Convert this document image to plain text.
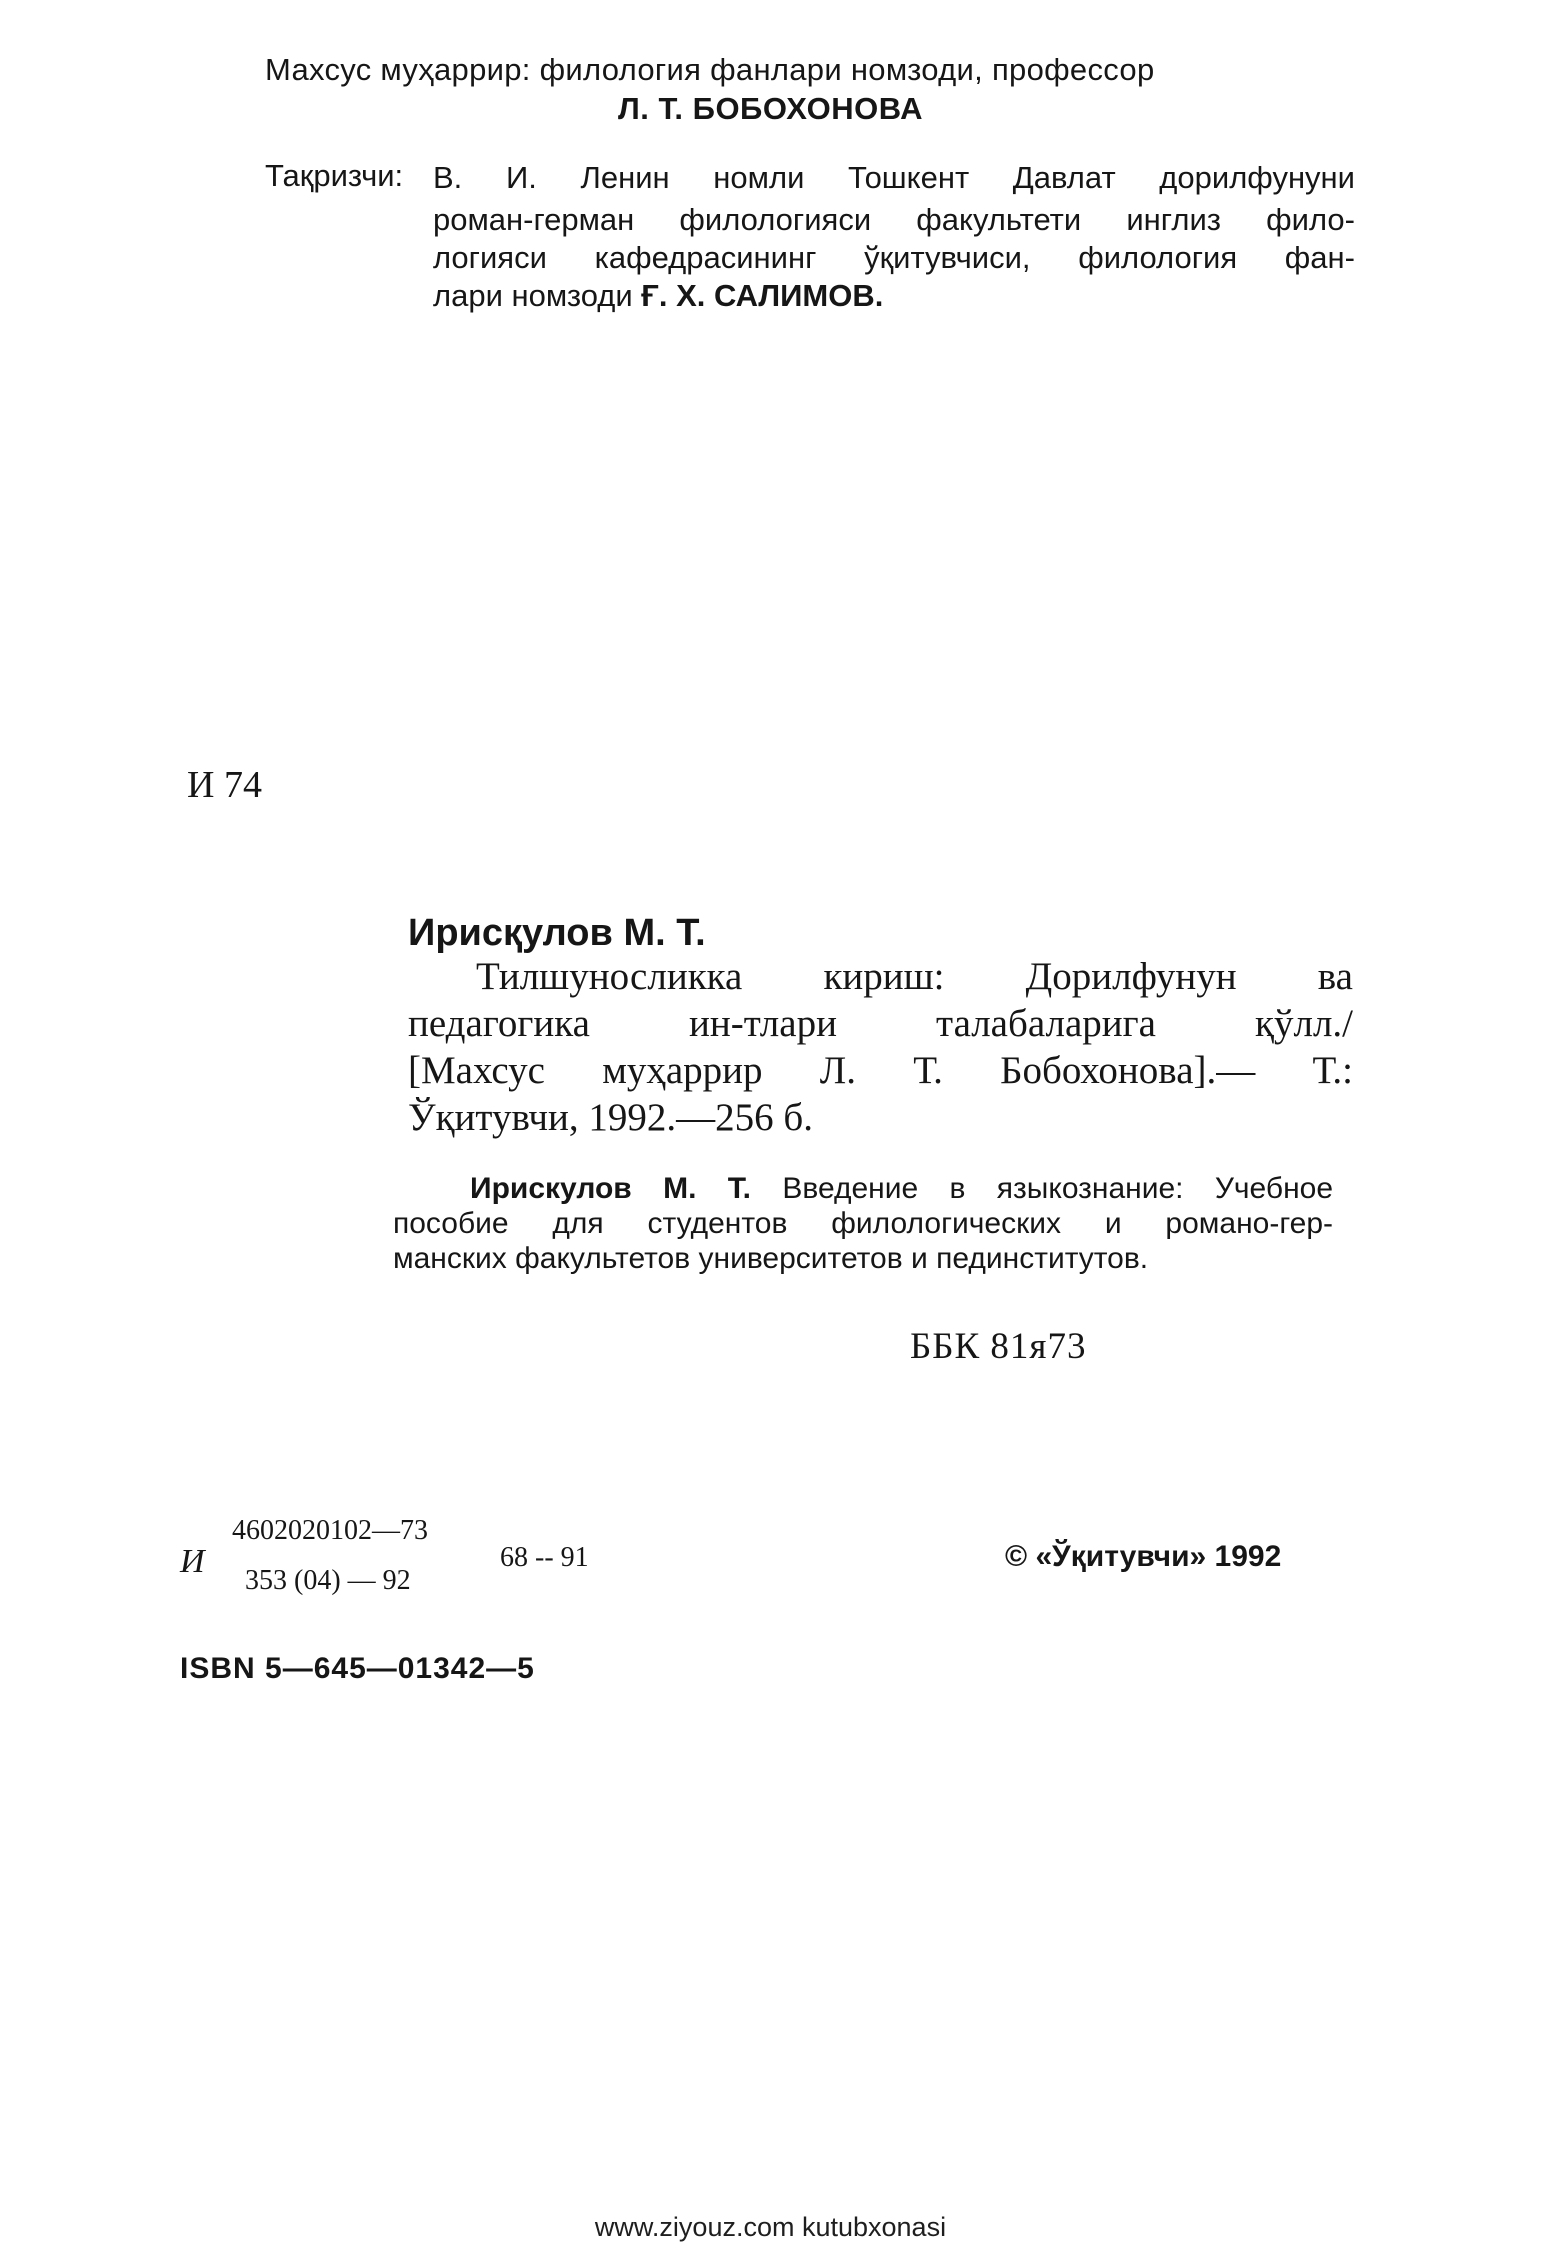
Махсус муҳаррир: филология фанлари номзоди, профессор
Л. Т. БОБОХОНОВА
Тақризчи: В. И. Ленин номли Тошкент Давлат дорилфунуни
роман-герман филологияси факультети инглиз фило-
логияси кафедрасининг ўқитувчиси, филология фан-
лари номзоди Ғ. Х. САЛИМОВ.
И 74
Ирисқулов М. Т.
Тилшуносликка кириш: Дорилфунун ва
педагогика ин-тлари талабаларига қўлл./
[Махсус муҳаррир Л. Т. Бобохонова].— Т.:
Ўқитувчи, 1992.—256 б.
Ирискулов М. Т. Введение в языкознание: Учебное
пособие для студентов филологических и романо-гер-
манских факультетов университетов и пединститутов.
ББК 81я73
И
4602020102—73
353 (04) — 92
68 -- 91	© «Ўқитувчи» 1992
ISBN 5—645—01342—5
www.ziyouz.com kutubxonasi
